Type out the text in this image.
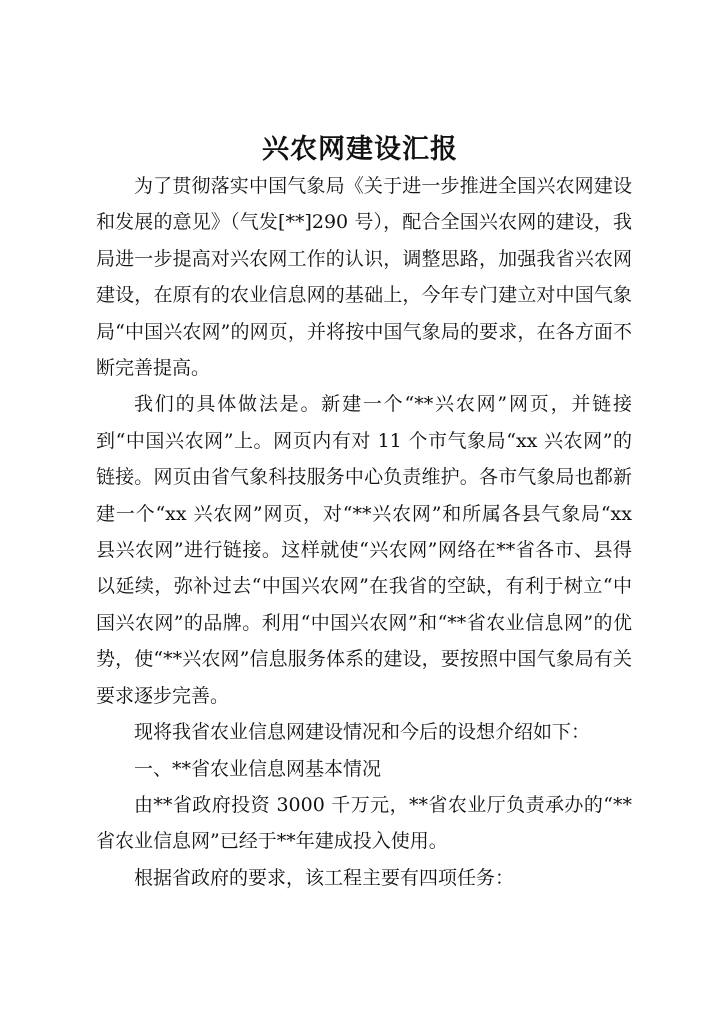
兴农网建设汇报

为了贯彻落实中国气象局《关于进一步推进全国兴农网建设和发展的意见》（气发[**]290 号），配合全国兴农网的建设，我局进一步提高对兴农网工作的认识，调整思路，加强我省兴农网建设，在原有的农业信息网的基础上，今年专门建立对中国气象局“中国兴农网”的网页，并将按中国气象局的要求，在各方面不断完善提高。

我们的具体做法是。新建一个“**兴农网”网页，并链接到“中国兴农网”上。网页内有对 11 个市气象局“xx 兴农网”的链接。网页由省气象科技服务中心负责维护。各市气象局也都新建一个“xx 兴农网”网页，对“**兴农网”和所属各县气象局“xx 县兴农网”进行链接。这样就使“兴农网”网络在**省各市、县得以延续，弥补过去“中国兴农网”在我省的空缺，有利于树立“中国兴农网”的品牌。利用“中国兴农网”和“**省农业信息网”的优势，使“**兴农网”信息服务体系的建设，要按照中国气象局有关要求逐步完善。

现将我省农业信息网建设情况和今后的设想介绍如下：

一、**省农业信息网基本情况

由**省政府投资 3000 千万元，**省农业厅负责承办的“**省农业信息网”已经于**年建成投入使用。

根据省政府的要求，该工程主要有四项任务：
